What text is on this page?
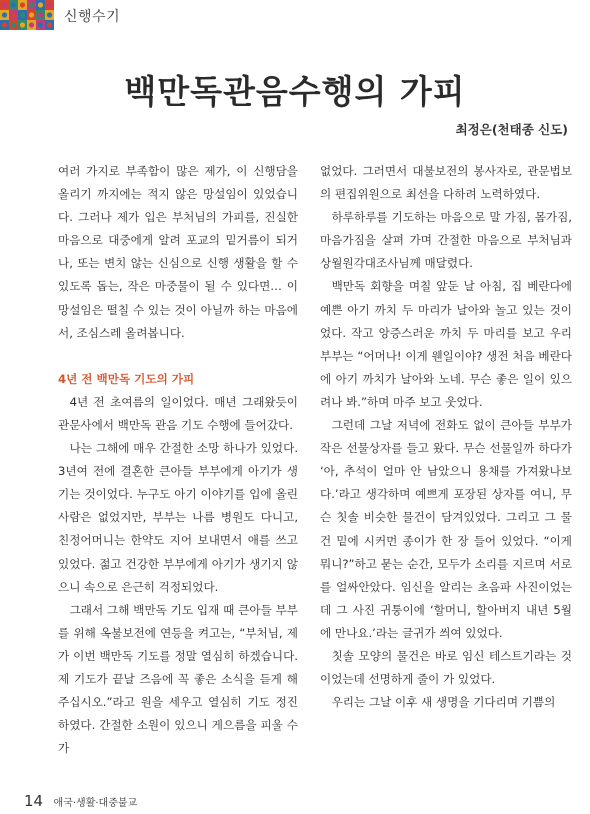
신행수기
백만독관음수행의 가피
최정은(천태종 신도)

여러 가지로 부족함이 많은 제가, 이 신행담을 올리기 까지에는 적지 않은 망설임이 있었습니다. 그러나 제가 입은 부처님의 가피를, 진실한 마음으로 대중에게 알려 포교의 밑거름이 되거나, 또는 변치 않는 신심으로 신행 생활을 할 수 있도록 돕는, 작은 마중물이 될 수 있다면… 이 망설임은 떨칠 수 있는 것이 아닐까 하는 마음에서, 조심스레 올려봅니다.

4년 전 백만독 기도의 가피

4년 전 초여름의 일이었다. 매년 그래왔듯이 관문사에서 백만독 관음 기도 수행에 들어갔다.

나는 그해에 매우 간절한 소망 하나가 있었다. 3년여 전에 결혼한 큰아들 부부에게 아기가 생기는 것이었다. 누구도 아기 이야기를 입에 올린 사람은 없었지만, 부부는 나름 병원도 다니고, 친정어머니는 한약도 지어 보내면서 애를 쓰고 있었다. 젊고 건강한 부부에게 아기가 생기지 않으니 속으로 은근히 걱정되었다.

그래서 그해 백만독 기도 입재 때 큰아들 부부를 위해 옥불보전에 연등을 켜고는, “부처님, 제가 이번 백만독 기도를 정말 열심히 하겠습니다. 제 기도가 끝날 즈음에 꼭 좋은 소식을 듣게 해 주십시오.”라고 원을 세우고 열심히 기도 정진하였다. 간절한 소원이 있으니 게으름을 피울 수가

없었다. 그러면서 대불보전의 봉사자로, 관문법보의 편집위원으로 최선을 다하려 노력하였다.

하루하루를 기도하는 마음으로 말 가짐, 몸가짐, 마음가짐을 살펴 가며 간절한 마음으로 부처님과 상월원각대조사님께 매달렸다.

백만독 회향을 며칠 앞둔 날 아침, 집 베란다에 예쁜 아기 까치 두 마리가 날아와 놀고 있는 것이었다. 작고 앙증스러운 까치 두 마리를 보고 우리 부부는 “어머나! 이게 웬일이야? 생전 처음 베란다에 아기 까치가 날아와 노네. 무슨 좋은 일이 있으려나 봐.”하며 마주 보고 웃었다.

그런데 그날 저녁에 전화도 없이 큰아들 부부가 작은 선물상자를 들고 왔다. 무슨 선물일까 하다가 ‘아, 추석이 얼마 안 남았으니 용채를 가져왔나보다.’라고 생각하며 예쁘게 포장된 상자를 여니, 무슨 칫솔 비슷한 물건이 담겨있었다. 그리고 그 물건 밑에 시커먼 종이가 한 장 들어 있었다. “이게 뭐니?”하고 묻는 순간, 모두가 소리를 지르며 서로를 얼싸안았다. 임신을 알리는 초음파 사진이었는데 그 사진 귀퉁이에 ‘할머니, 할아버지 내년 5월에 만나요.’라는 글귀가 씌여 있었다.

칫솔 모양의 물건은 바로 임신 테스트기라는 것이었는데 선명하게 줄이 가 있었다.

우리는 그날 이후 새 생명을 기다리며 기쁨의

14 애국·생활·대중불교
